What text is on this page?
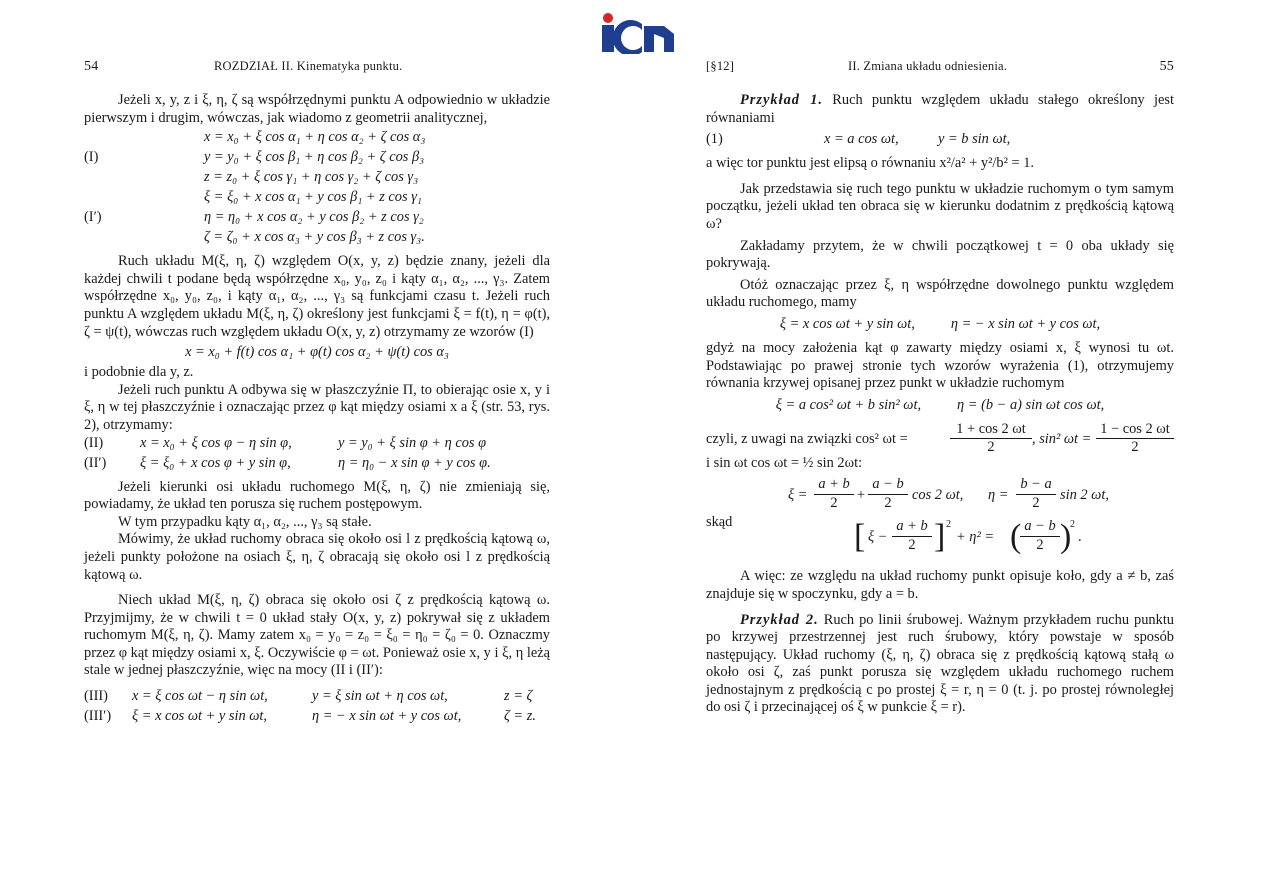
54	ROZDZIAŁ II. Kinematyka punktu.

Jeżeli x, y, z i ξ, η, ζ są współrzędnymi punktu A odpowiednio w układzie pierwszym i drugim, wówczas, jak wiadomo z geometrii analitycznej,

x = x₀ + ξ cos α₁ + η cos α₂ + ζ cos α₃
(I)	y = y₀ + ξ cos β₁ + η cos β₂ + ζ cos β₃
z = z₀ + ξ cos γ₁ + η cos γ₂ + ζ cos γ₃
ξ = ξ₀ + x cos α₁ + y cos β₁ + z cos γ₁
(I′)	η = η₀ + x cos α₂ + y cos β₂ + z cos γ₂
ζ = ζ₀ + x cos α₃ + y cos β₃ + z cos γ₃.

Ruch układu M(ξ, η, ζ) względem O(x, y, z) będzie znany, jeżeli dla każdej chwili t podane będą współrzędne x₀, y₀, z₀ i kąty α₁, α₂, ..., γ₃. Zatem współrzędne x₀, y₀, z₀, i kąty α₁, α₂, ..., γ₃ są funkcjami czasu t. Jeżeli ruch punktu A względem układu M(ξ, η, ζ) określony jest funkcjami ξ = f(t), η = φ(t), ζ = ψ(t), wówczas ruch względem układu O(x, y, z) otrzymamy ze wzorów (I)

x = x₀ + f(t) cos α₁ + φ(t) cos α₂ + ψ(t) cos α₃

i podobnie dla y, z.

Jeżeli ruch punktu A odbywa się w płaszczyźnie Π, to obierając osie x, y i ξ, η w tej płaszczyźnie i oznaczając przez φ kąt między osiami x a ξ (str. 53, rys. 2), otrzymamy:

(II)	x = x₀ + ξ cos φ − η sin φ,	y = y₀ + ξ sin φ + η cos φ
(II′) ξ = ξ₀ + x cos φ + y sin φ,	η = η₀ − x sin φ + y cos φ.

Jeżeli kierunki osi układu ruchomego M(ξ, η, ζ) nie zmieniają się, powiadamy, że układ ten porusza się ruchem postępowym.

W tym przypadku kąty α₁, α₂, ..., γ₃ są stałe.

Mówimy, że układ ruchomy obraca się około osi l z prędkością kątową ω, jeżeli punkty położone na osiach ξ, η, ζ obracają się około osi l z prędkością kątową ω.

Niech układ M(ξ, η, ζ) obraca się około osi ζ z prędkością kątową ω. Przyjmijmy, że w chwili t = 0 układ stały O(x, y, z) pokrywał się z układem ruchomym M(ξ, η, ζ). Mamy zatem x₀ = y₀ = z₀ = ξ₀ = η₀ = ζ₀ = 0. Oznaczmy przez φ kąt między osiami x, ξ. Oczywiście φ = ωt. Ponieważ osie x, y i ξ, η leżą stale w jednej płaszczyźnie, więc na mocy (II i (II′):

(III) x = ξ cos ωt − η sin ωt,	y = ξ sin ωt + η cos ωt,	z = ζ
(III′) ξ = x cos ωt + y sin ωt,	η = − x sin ωt + y cos ωt,	ζ = z.
[§12]	II. Zmiana układu odniesienia.	55

Przykład 1. Ruch punktu względem układu stałego określony jest równaniami

(1)	x = a cos ωt,	y = b sin ωt,

a więc tor punktu jest elipsą o równaniu x²/a² + y²/b² = 1.

Jak przedstawia się ruch tego punktu w układzie ruchomym o tym samym początku, jeżeli układ ten obraca się w kierunku dodatnim z prędkością kątową ω?

Zakładamy przytem, że w chwili początkowej t = 0 oba układy się pokrywają.

Otóż oznaczając przez ξ, η współrzędne dowolnego punktu względem układu ruchomego, mamy

ξ = x cos ωt + y sin ωt,          η = − x sin ωt + y cos ωt,

gdyż na mocy założenia kąt φ zawarty między osiami x, ξ wynosi tu ωt. Podstawiając po prawej stronie tych wzorów wyrażenia (1), otrzymujemy równania krzywej opisanej przez punkt w układzie ruchomym

ξ = a cos² ωt + b sin² ωt,          η = (b − a) sin ωt cos ωt,
czyli, z uwagi na związki cos² ωt =	$\frac{1 + \cos 2 \omega t}{2}$ , sin² $\omega t = \frac{1 - \cos 2 \omega t}{2}$

i sin ωt cos ωt = ½ sin 2ωt:

$\xi = \frac{a + b}{2} + \frac{a - b}{2}$ cos 2 ωt, $\eta = \frac{b - a}{2}$ sin 2 ωt,
skąd	[ $\xi - \frac{a + b}{2}$ ] 2
+ η² = (
$\frac{a - b}{2}$ )
2
.

A więc: ze względu na układ ruchomy punkt opisuje koło, gdy a ≠ b, zaś znajduje się w spoczynku, gdy a = b.

Przykład 2. Ruch po linii śrubowej. Ważnym przykładem ruchu punktu po krzywej przestrzennej jest ruch śrubowy, który powstaje w sposób następujący. Układ ruchomy (ξ, η, ζ) obraca się z prędkością kątową stałą ω około osi ζ, zaś punkt porusza się względem układu ruchomego ruchem jednostajnym z prędkością c po prostej ξ = r, η = 0 (t. j. po prostej równoległej do osi ζ i przecinającej oś ξ w punkcie ξ = r).
